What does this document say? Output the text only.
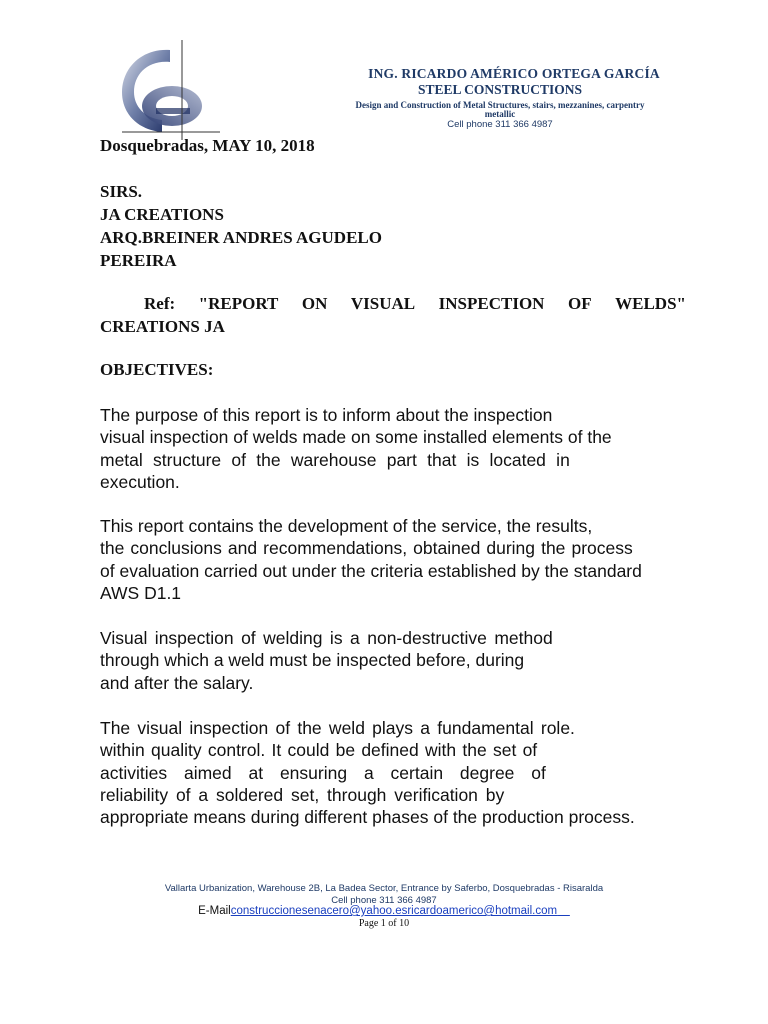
ING. RICARDO AMÉRICO ORTEGA GARCÍA
STEEL CONSTRUCTIONS
Design and Construction of Metal Structures, stairs, mezzanines, carpentry
metallic
Cell phone 311 366 4987
Dosquebradas, MAY 10, 2018
SIRS.
JA CREATIONS
ARQ.BREINER ANDRES AGUDELO
PEREIRA
Ref: "REPORT ON VISUAL INSPECTION OF WELDS"
CREATIONS JA
OBJECTIVES:
The purpose of this report is to inform about the inspection
visual inspection of welds made on some installed elements of the
metal structure of the warehouse part that is located in
execution.
This report contains the development of the service, the results,
the conclusions and recommendations, obtained during the process
of evaluation carried out under the criteria established by the standard
AWS D1.1
Visual inspection of welding is a non-destructive method
through which a weld must be inspected before, during
and after the salary.
The visual inspection of the weld plays a fundamental role.
within quality control. It could be defined with the set of
activities aimed at ensuring a certain degree of
reliability of a soldered set, through verification by
appropriate means during different phases of the production process.
Vallarta Urbanization, Warehouse 2B, La Badea Sector, Entrance by Saferbo, Dosquebradas - Risaralda
Cell phone 311 366 4987
E-Mailconstruccionesenacero@yahoo.esricardoamerico@hotmail.com
Page 1 of 10
